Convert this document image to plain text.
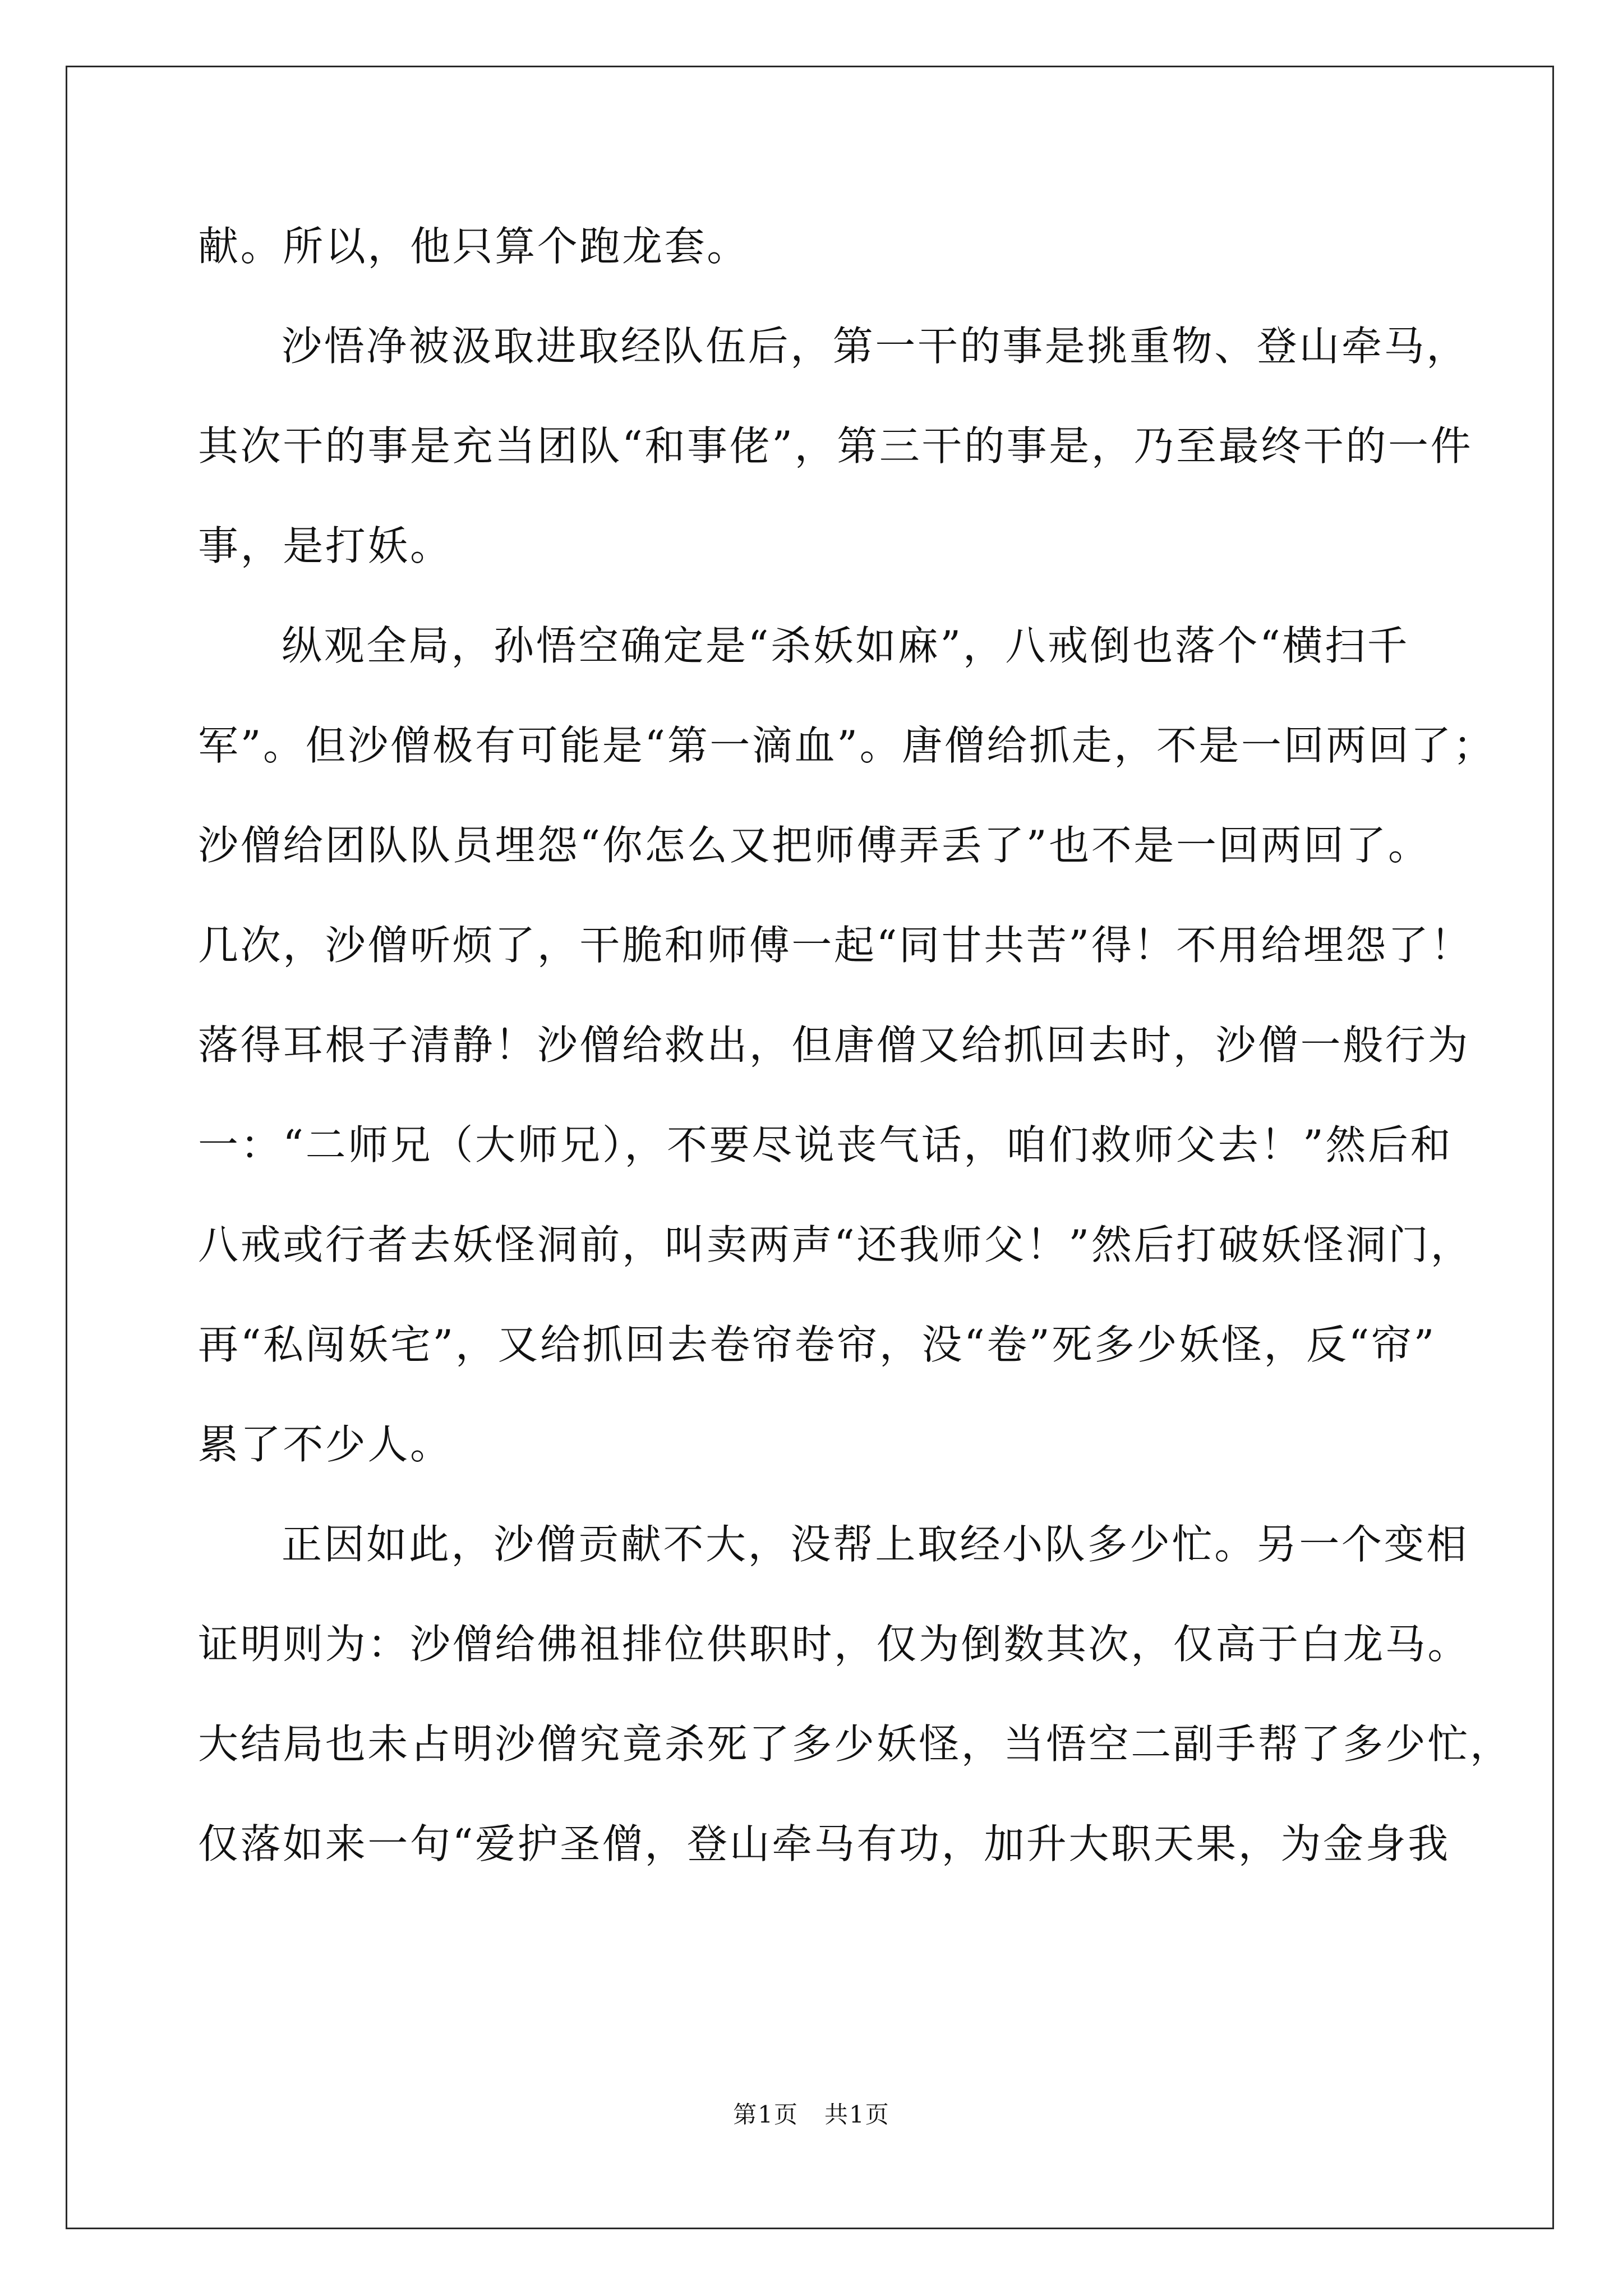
献。所以，他只算个跑龙套。
沙悟净被汲取进取经队伍后，第一干的事是挑重物、登山牵马，
其次干的事是充当团队“和事佬”，第三干的事是，乃至最终干的一件
事，是打妖。
纵观全局，孙悟空确定是“杀妖如麻”，八戒倒也落个“横扫千
军”。但沙僧极有可能是“第一滴血”。唐僧给抓走，不是一回两回了；
沙僧给团队队员埋怨“你怎么又把师傅弄丢了”也不是一回两回了。
几次，沙僧听烦了，干脆和师傅一起“同甘共苦”得！不用给埋怨了！
落得耳根子清静！沙僧给救出，但唐僧又给抓回去时，沙僧一般行为
一：“二师兄（大师兄），不要尽说丧气话，咱们救师父去！”然后和
八戒或行者去妖怪洞前，叫卖两声“还我师父！”然后打破妖怪洞门，
再“私闯妖宅”，又给抓回去卷帘卷帘，没“卷”死多少妖怪，反“帘”
累了不少人。
正因如此，沙僧贡献不大，没帮上取经小队多少忙。另一个变相
证明则为：沙僧给佛祖排位供职时，仅为倒数其次，仅高于白龙马。
大结局也未占明沙僧究竟杀死了多少妖怪，当悟空二副手帮了多少忙，
仅落如来一句“爱护圣僧，登山牵马有功，加升大职天果，为金身我
第1页 共1页
